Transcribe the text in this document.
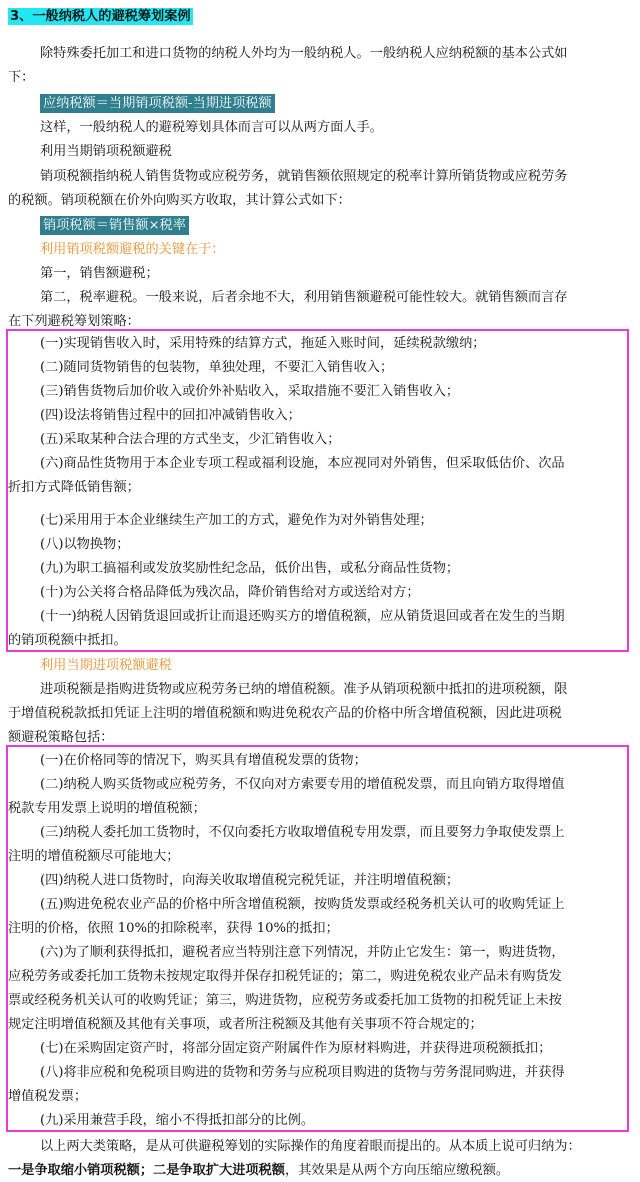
3、一般纳税人的避税筹划案例
除特殊委托加工和进口货物的纳税人外均为一般纳税人。一般纳税人应纳税额的基本公式如
下：
应纳税额＝当期销项税额-当期进项税额
这样，一般纳税人的避税筹划具体而言可以从两方面人手。
利用当期销项税额避税
销项税额指纳税人销售货物或应税劳务，就销售额依照规定的税率计算所销货物或应税劳务
的税额。销项税额在价外向购买方收取，其计算公式如下：
销项税额＝销售额×税率
利用销项税额避税的关键在于：
第一，销售额避税；
第二，税率避税。一般来说，后者余地不大，利用销售额避税可能性较大。就销售额而言存
在下列避税筹划策略：
(一)实现销售收入时，采用特殊的结算方式，拖延入账时间，延续税款缴纳；
(二)随同货物销售的包装物，单独处理，不要汇入销售收入；
(三)销售货物后加价收入或价外补贴收入，采取措施不要汇入销售收入；
(四)设法将销售过程中的回扣冲减销售收入；
(五)采取某种合法合理的方式坐支，少汇销售收入；
(六)商品性货物用于本企业专项工程或福利设施，本应视同对外销售，但采取低估价、次品
折扣方式降低销售额；
(七)采用用于本企业继续生产加工的方式，避免作为对外销售处理；
(八)以物换物；
(九)为职工搞福利或发放奖励性纪念品，低价出售，或私分商品性货物；
(十)为公关将合格品降低为残次品，降价销售给对方或送给对方；
(十一)纳税人因销货退回或折让而退还购买方的增值税额，应从销货退回或者在发生的当期
的销项税额中抵扣。
利用当期进项税额避税
进项税额是指购进货物或应税劳务已纳的增值税额。准予从销项税额中抵扣的进项税额，限
于增值税税款抵扣凭证上注明的增值税额和购进免税农产品的价格中所含增值税额，因此进项税
额避税策略包括：
(一)在价格同等的情况下，购买具有增值税发票的货物；
(二)纳税人购买货物或应税劳务，不仅向对方索要专用的增值税发票，而且向销方取得增值
税款专用发票上说明的增值税额；
(三)纳税人委托加工货物时，不仅向委托方收取增值税专用发票，而且要努力争取使发票上
注明的增值税额尽可能地大；
(四)纳税人进口货物时，向海关收取增值税完税凭证，并注明增值税额；
(五)购进免税农业产品的价格中所含增值税额，按购货发票或经税务机关认可的收购凭证上
注明的价格，依照 10%的扣除税率，获得 10%的抵扣；
(六)为了顺利获得抵扣，避税者应当特别注意下列情况，并防止它发生：第一，购进货物，
应税劳务或委托加工货物未按规定取得并保存扣税凭证的；第二，购进免税农业产品未有购货发
票或经税务机关认可的收购凭证；第三，购进货物，应税劳务或委托加工货物的扣税凭证上未按
规定注明增值税额及其他有关事项，或者所注税额及其他有关事项不符合规定的；
(七)在采购固定资产时，将部分固定资产附属件作为原材料购进，并获得进项税额抵扣；
(八)将非应税和免税项目购进的货物和劳务与应税项目购进的货物与劳务混同购进，并获得
增值税发票；
(九)采用兼营手段，缩小不得抵扣部分的比例。
以上两大类策略，是从可供避税筹划的实际操作的角度着眼而提出的。从本质上说可归纳为：
一是争取缩小销项税额；二是争取扩大进项税额，其效果是从两个方向压缩应缴税额。
